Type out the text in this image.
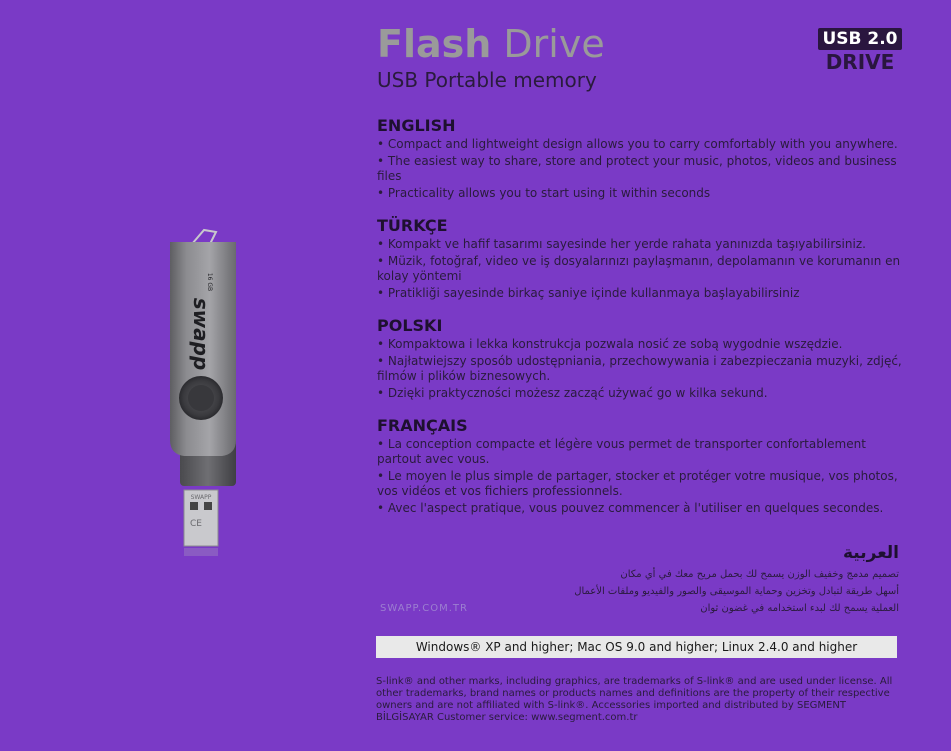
swapp
16 GB
SWAPP
CE
Flash Drive
USB Portable memory
USB 2.0
DRIVE
ENGLISH
• Compact and lightweight design allows you to carry comfortably with you anywhere.
• The easiest way to share, store and protect your music, photos, videos and business files
• Practicality allows you to start using it within seconds
TÜRKÇE
• Kompakt ve hafif tasarımı sayesinde her yerde rahata yanınızda taşıyabilirsiniz.
• Müzik, fotoğraf, video ve iş dosyalarınızı paylaşmanın, depolamanın ve korumanın en kolay yöntemi
• Pratikliği sayesinde birkaç saniye içinde kullanmaya başlayabilirsiniz
POLSKI
• Kompaktowa i lekka konstrukcja pozwala nosić ze sobą wygodnie wszędzie.
• Najłatwiejszy sposób udostępniania, przechowywania i zabezpieczania muzyki, zdjęć, filmów i plików biznesowych.
• Dzięki praktyczności możesz zacząć używać go w kilka sekund.
FRANÇAIS
• La conception compacte et légère vous permet de transporter confortablement partout avec vous.
• Le moyen le plus simple de partager, stocker et protéger votre musique, vos photos, vos vidéos et vos fichiers professionnels.
• Avec l'aspect pratique, vous pouvez commencer à l'utiliser en quelques secondes.
العربية
تصميم مدمج وخفيف الوزن يسمح لك بحمل مريح معك في أي مكان
أسهل طريقة لتبادل وتخزين وحماية الموسيقى والصور والفيديو وملفات الأعمال
العملية يسمح لك لبدء استخدامه في غضون ثوان
SWAPP.COM.TR
Windows® XP and higher; Mac OS 9.0 and higher; Linux 2.4.0 and higher
S-link® and other marks, including graphics, are trademarks of S-link® and are used under license. All other trademarks, brand names or products names and definitions are the property of their respective owners and are not affiliated with S-link®. Accessories imported and distributed by SEGMENT BİLGİSAYAR Customer service: www.segment.com.tr
